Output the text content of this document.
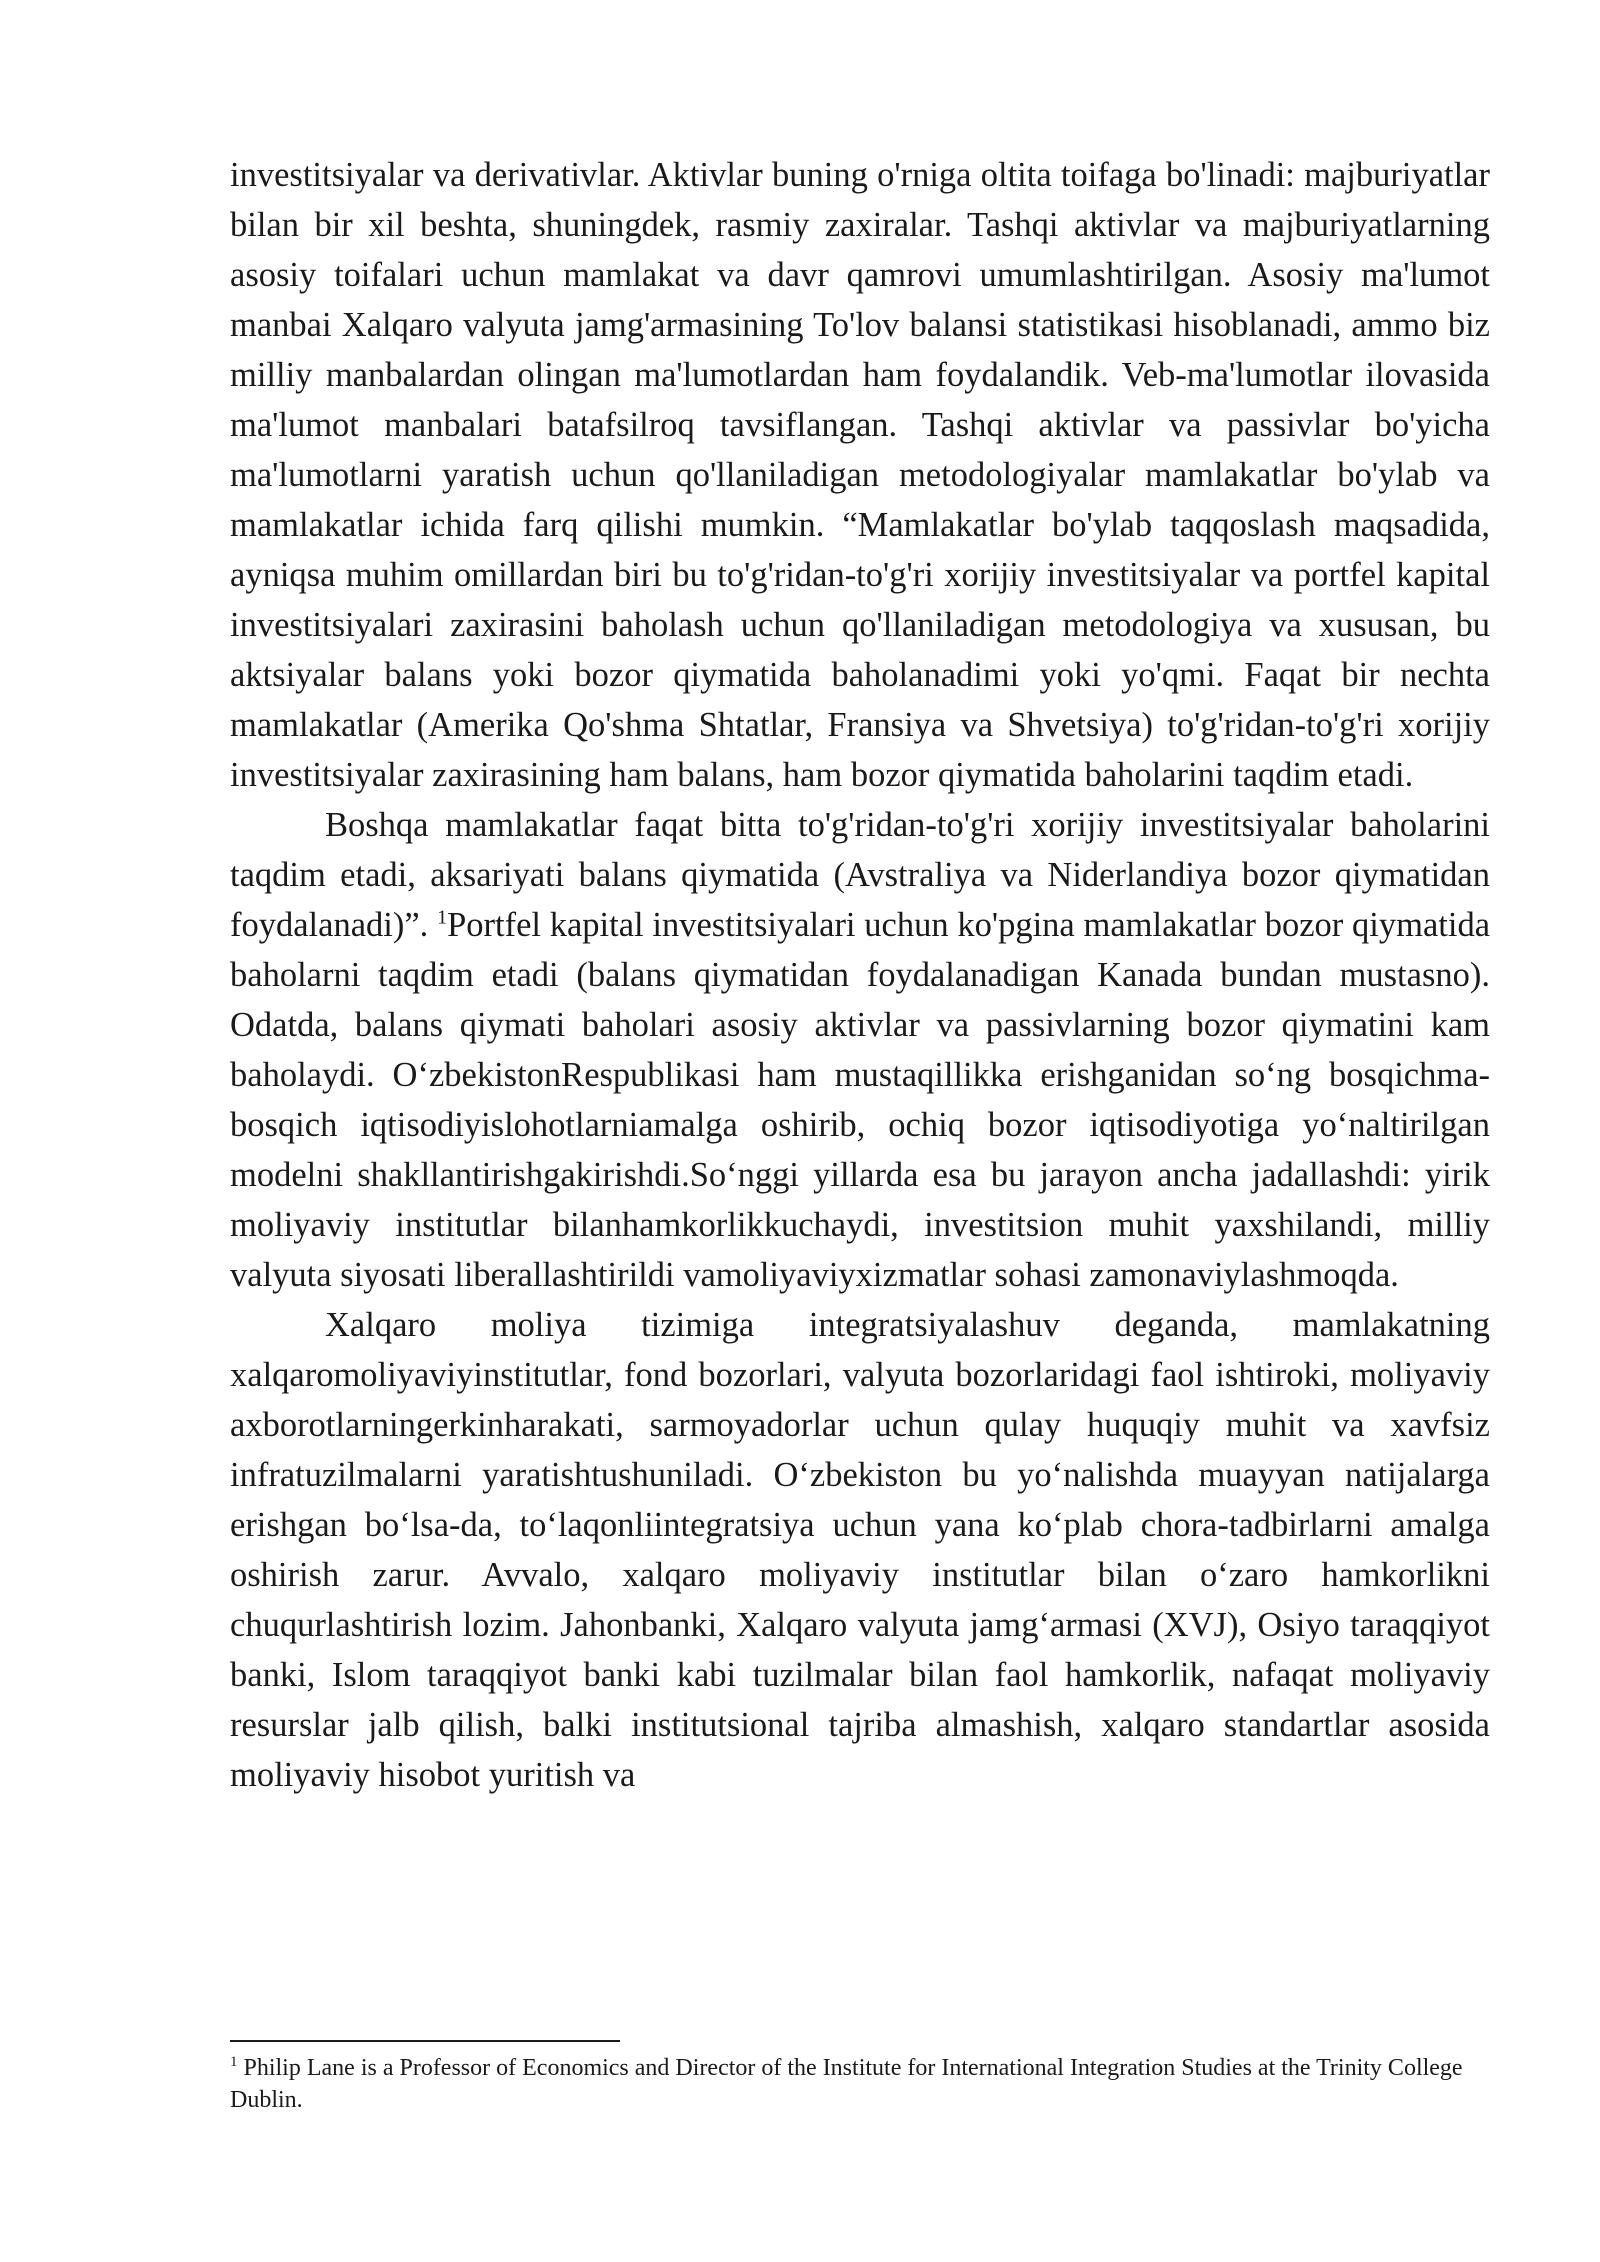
investitsiyalar va derivativlar. Aktivlar buning o'rniga oltita toifaga bo'linadi: majburiyatlar bilan bir xil beshta, shuningdek, rasmiy zaxiralar. Tashqi aktivlar va majburiyatlarning asosiy toifalari uchun mamlakat va davr qamrovi umumlashtirilgan. Asosiy ma'lumot manbai Xalqaro valyuta jamg'armasining To'lov balansi statistikasi hisoblanadi, ammo biz milliy manbalardan olingan ma'lumotlardan ham foydalandik. Veb-ma'lumotlar ilovasida ma'lumot manbalari batafsilroq tavsiflangan. Tashqi aktivlar va passivlar bo'yicha ma'lumotlarni yaratish uchun qo'llaniladigan metodologiyalar mamlakatlar bo'ylab va mamlakatlar ichida farq qilishi mumkin. “Mamlakatlar bo'ylab taqqoslash maqsadida, ayniqsa muhim omillardan biri bu to'g'ridan-to'g'ri xorijiy investitsiyalar va portfel kapital investitsiyalari zaxirasini baholash uchun qo'llaniladigan metodologiya va xususan, bu aktsiyalar balans yoki bozor qiymatida baholanadimi yoki yo'qmi. Faqat bir nechta mamlakatlar (Amerika Qo'shma Shtatlar, Fransiya va Shvetsiya) to'g'ridan-to'g'ri xorijiy investitsiyalar zaxirasining ham balans, ham bozor qiymatida baholarini taqdim etadi.

Boshqa mamlakatlar faqat bitta to'g'ridan-to'g'ri xorijiy investitsiyalar baholarini taqdim etadi, aksariyati balans qiymatida (Avstraliya va Niderlandiya bozor qiymatidan foydalanadi)”. $^1$Portfel kapital investitsiyalari uchun ko'pgina mamlakatlar bozor qiymatida baholarni taqdim etadi (balans qiymatidan foydalanadigan Kanada bundan mustasno). Odatda, balans qiymati baholari asosiy aktivlar va passivlarning bozor qiymatini kam baholaydi. O‘zbekistonRespublikasi ham mustaqillikka erishganidan so‘ng bosqichma-bosqich iqtisodiyislohotlarniamalga oshirib, ochiq bozor iqtisodiyotiga yo‘naltirilgan modelni shakllantirishgakirishdi.So‘nggi yillarda esa bu jarayon ancha jadallashdi: yirik moliyaviy institutlar bilanhamkorlikkuchaydi, investitsion muhit yaxshilandi, milliy valyuta siyosati liberallashtirildi vamoliyaviyxizmatlar sohasi zamonaviylashmoqda.

Xalqaro moliya tizimiga integratsiyalashuv deganda, mamlakatning xalqaromoliyaviyinstitutlar, fond bozorlari, valyuta bozorlaridagi faol ishtiroki, moliyaviy axborotlarningerkinharakati, sarmoyadorlar uchun qulay huquqiy muhit va xavfsiz infratuzilmalarni yaratishtushuniladi. O‘zbekiston bu yo‘nalishda muayyan natijalarga erishgan bo‘lsa-da, to‘laqonliintegratsiya uchun yana ko‘plab chora-tadbirlarni amalga oshirish zarur. Avvalo, xalqaro moliyaviy institutlar bilan o‘zaro hamkorlikni chuqurlashtirish lozim. Jahonbanki, Xalqaro valyuta jamg‘armasi (XVJ), Osiyo taraqqiyot banki, Islom taraqqiyot banki kabi tuzilmalar bilan faol hamkorlik, nafaqat moliyaviy resurslar jalb qilish, balki institutsional tajriba almashish, xalqaro standartlar asosida moliyaviy hisobot yuritish va

$^1$ Philip Lane is a Professor of Economics and Director of the Institute for International Integration Studies at the Trinity College Dublin.
